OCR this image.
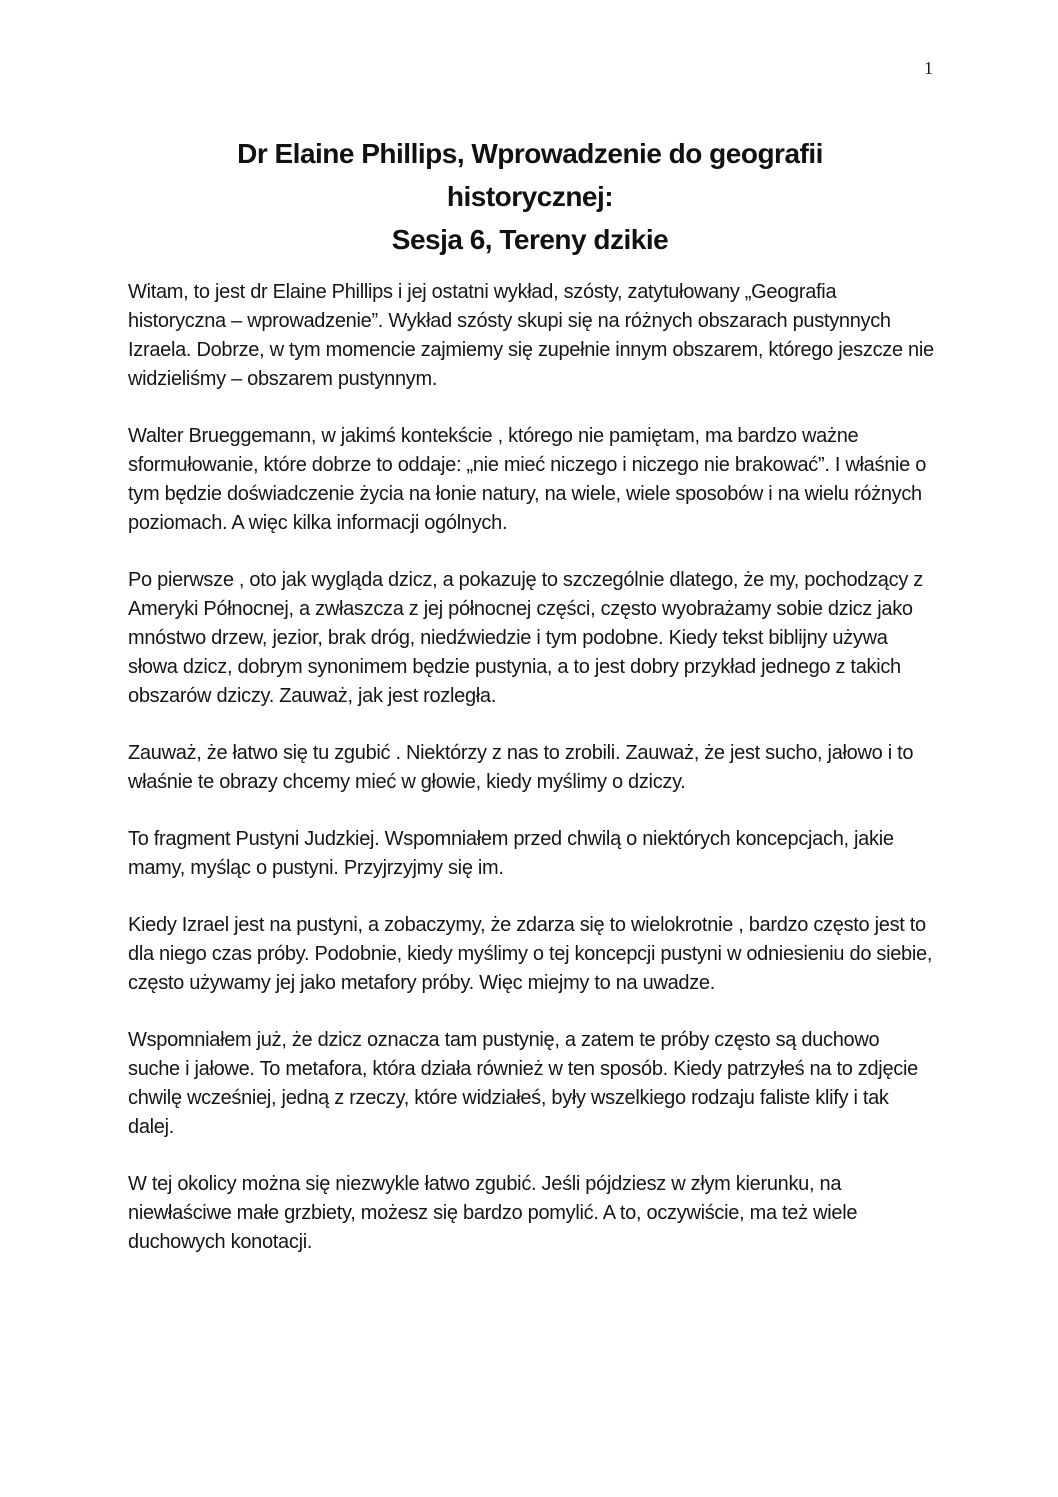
1
Dr Elaine Phillips, Wprowadzenie do geografii
historycznej:
Sesja 6, Tereny dzikie

Witam, to jest dr Elaine Phillips i jej ostatni wykład, szósty, zatytułowany „Geografia historyczna – wprowadzenie”. Wykład szósty skupi się na różnych obszarach pustynnych Izraela. Dobrze, w tym momencie zajmiemy się zupełnie innym obszarem, którego jeszcze nie widzieliśmy – obszarem pustynnym.

Walter Brueggemann, w jakimś kontekście , którego nie pamiętam, ma bardzo ważne sformułowanie, które dobrze to oddaje: „nie mieć niczego i niczego nie brakować”. I właśnie o tym będzie doświadczenie życia na łonie natury, na wiele, wiele sposobów i na wielu różnych poziomach. A więc kilka informacji ogólnych.

Po pierwsze , oto jak wygląda dzicz, a pokazuję to szczególnie dlatego, że my, pochodzący z Ameryki Północnej, a zwłaszcza z jej północnej części, często wyobrażamy sobie dzicz jako mnóstwo drzew, jezior, brak dróg, niedźwiedzie i tym podobne. Kiedy tekst biblijny używa słowa dzicz, dobrym synonimem będzie pustynia, a to jest dobry przykład jednego z takich obszarów dziczy. Zauważ, jak jest rozległa.

Zauważ, że łatwo się tu zgubić . Niektórzy z nas to zrobili. Zauważ, że jest sucho, jałowo i to właśnie te obrazy chcemy mieć w głowie, kiedy myślimy o dziczy.

To fragment Pustyni Judzkiej. Wspomniałem przed chwilą o niektórych koncepcjach, jakie mamy, myśląc o pustyni. Przyjrzyjmy się im.

Kiedy Izrael jest na pustyni, a zobaczymy, że zdarza się to wielokrotnie , bardzo często jest to dla niego czas próby. Podobnie, kiedy myślimy o tej koncepcji pustyni w odniesieniu do siebie, często używamy jej jako metafory próby. Więc miejmy to na uwadze.

Wspomniałem już, że dzicz oznacza tam pustynię, a zatem te próby często są duchowo suche i jałowe. To metafora, która działa również w ten sposób. Kiedy patrzyłeś na to zdjęcie chwilę wcześniej, jedną z rzeczy, które widziałeś, były wszelkiego rodzaju faliste klify i tak dalej.

W tej okolicy można się niezwykle łatwo zgubić. Jeśli pójdziesz w złym kierunku, na niewłaściwe małe grzbiety, możesz się bardzo pomylić. A to, oczywiście, ma też wiele duchowych konotacji.
